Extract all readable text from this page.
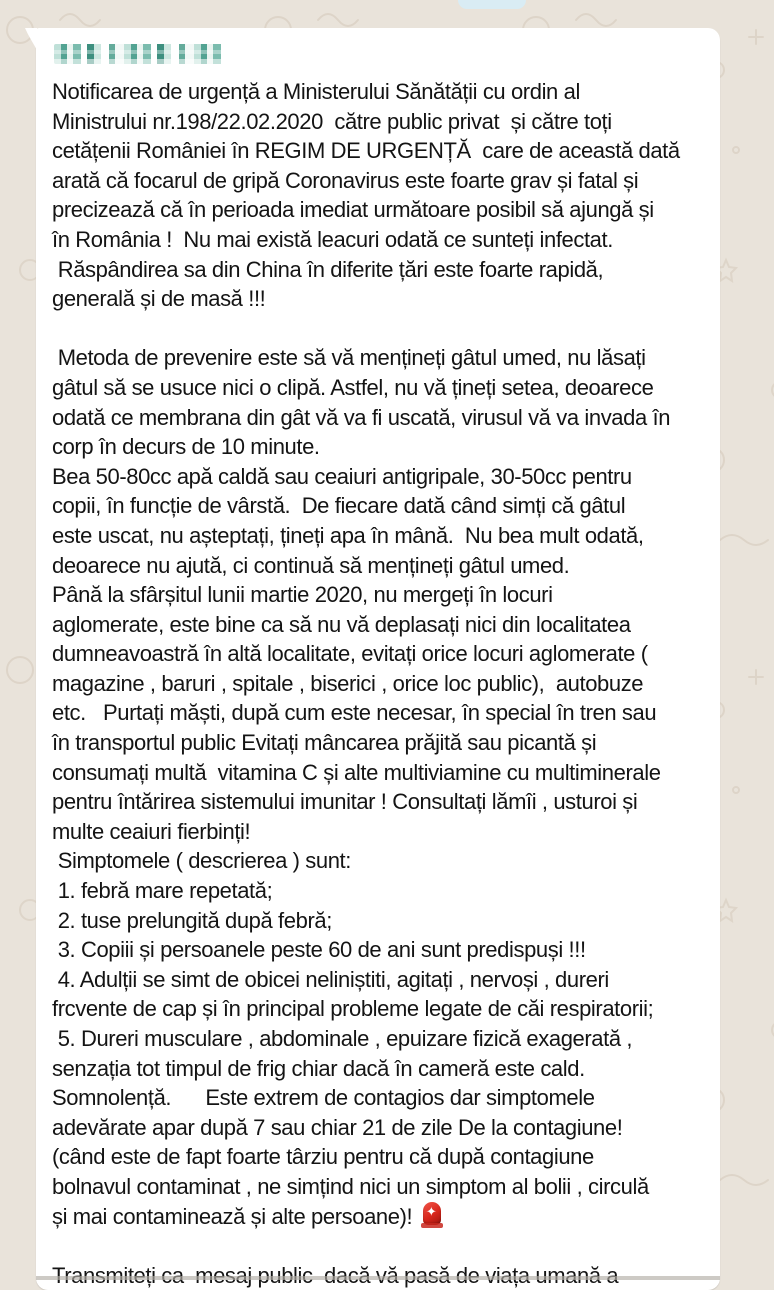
Notificarea de urgență a Ministerului Sănătății cu ordin al
Ministrului nr.198/22.02.2020  către public privat  și către toți
cetățenii României în REGIM DE URGENȚĂ  care de această dată
arată că focarul de gripă Coronavirus este foarte grav și fatal și
precizează că în perioada imediat următoare posibil să ajungă și
în România !  Nu mai există leacuri odată ce sunteți infectat.
Răspândirea sa din China în diferite țări este foarte rapidă,
generală și de masă !!!
Metoda de prevenire este să vă mențineți gâtul umed, nu lăsați
gâtul să se usuce nici o clipă. Astfel, nu vă țineți setea, deoarece
odată ce membrana din gât vă va fi uscată, virusul vă va invada în
corp în decurs de 10 minute.
Bea 50-80cc apă caldă sau ceaiuri antigripale, 30-50cc pentru
copii, în funcție de vârstă.  De fiecare dată când simți că gâtul
este uscat, nu așteptați, țineți apa în mână.  Nu bea mult odată,
deoarece nu ajută, ci continuă să mențineți gâtul umed.
Până la sfârșitul lunii martie 2020, nu mergeți în locuri
aglomerate, este bine ca să nu vă deplasați nici din localitatea
dumneavoastră în altă localitate, evitați orice locuri aglomerate (
magazine , baruri , spitale , biserici , orice loc public),  autobuze
etc.   Purtați măști, după cum este necesar, în special în tren sau
în transportul public Evitați mâncarea prăjită sau picantă și
consumați multă  vitamina C și alte multiviamine cu multiminerale
pentru întărirea sistemului imunitar ! Consultați lămîi , usturoi și
multe ceaiuri fierbinți!
Simptomele ( descrierea ) sunt:
1. febră mare repetată;
2. tuse prelungită după febră;
3. Copiii și persoanele peste 60 de ani sunt predispuși !!!
4. Adulții se simt de obicei neliniștiti, agitați , nervoși , dureri
frcvente de cap și în principal probleme legate de căi respiratorii;
5. Dureri musculare , abdominale , epuizare fizică exagerată ,
senzația tot timpul de frig chiar dacă în cameră este cald.
Somnolență.      Este extrem de contagios dar simptomele
adevărate apar după 7 sau chiar 21 de zile De la contagiune!
(când este de fapt foarte târziu pentru că după contagiune
bolnavul contaminat , ne simțind nici un simptom al bolii , circulă
și mai contaminează și alte persoane)! ✦
